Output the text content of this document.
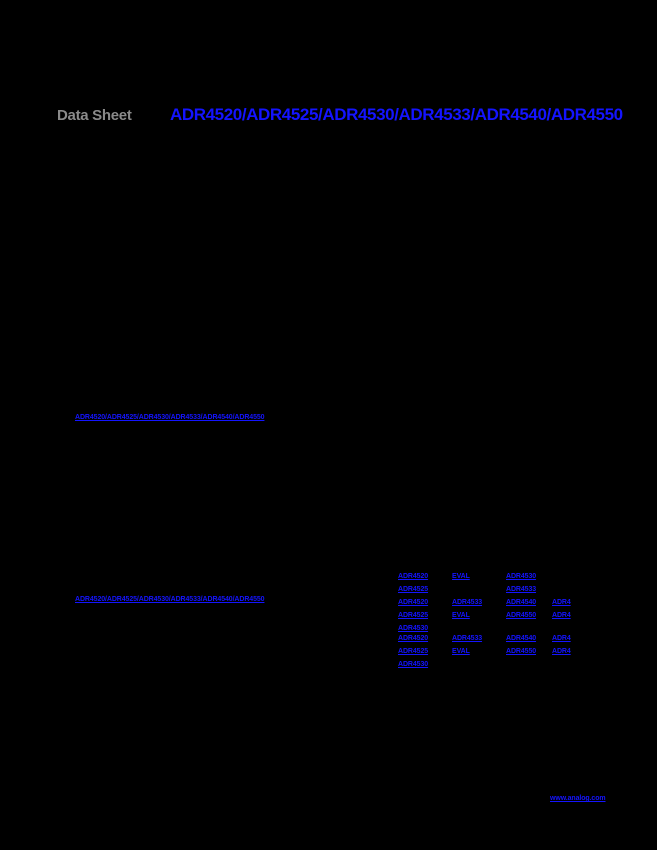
Data Sheet ADR4520/ADR4525/ADR4530/ADR4533/ADR4540/ADR4550
ADR4520/ADR4525/ADR4530/ADR4533/ADR4540/ADR4550
ADR4520/ADR4525/ADR4530/ADR4533/ADR4540/ADR4550
ADR4520
ADR4525
EVAL	ADR4530
ADR4533
ADR4520
ADR4525
ADR4530
ADR4533
EVAL
ADR4540
ADR4550
ADR4
ADR4
ADR4520
ADR4525
ADR4530
ADR4533
EVAL
ADR4540
ADR4550
ADR4
ADR4
www.analog.com
